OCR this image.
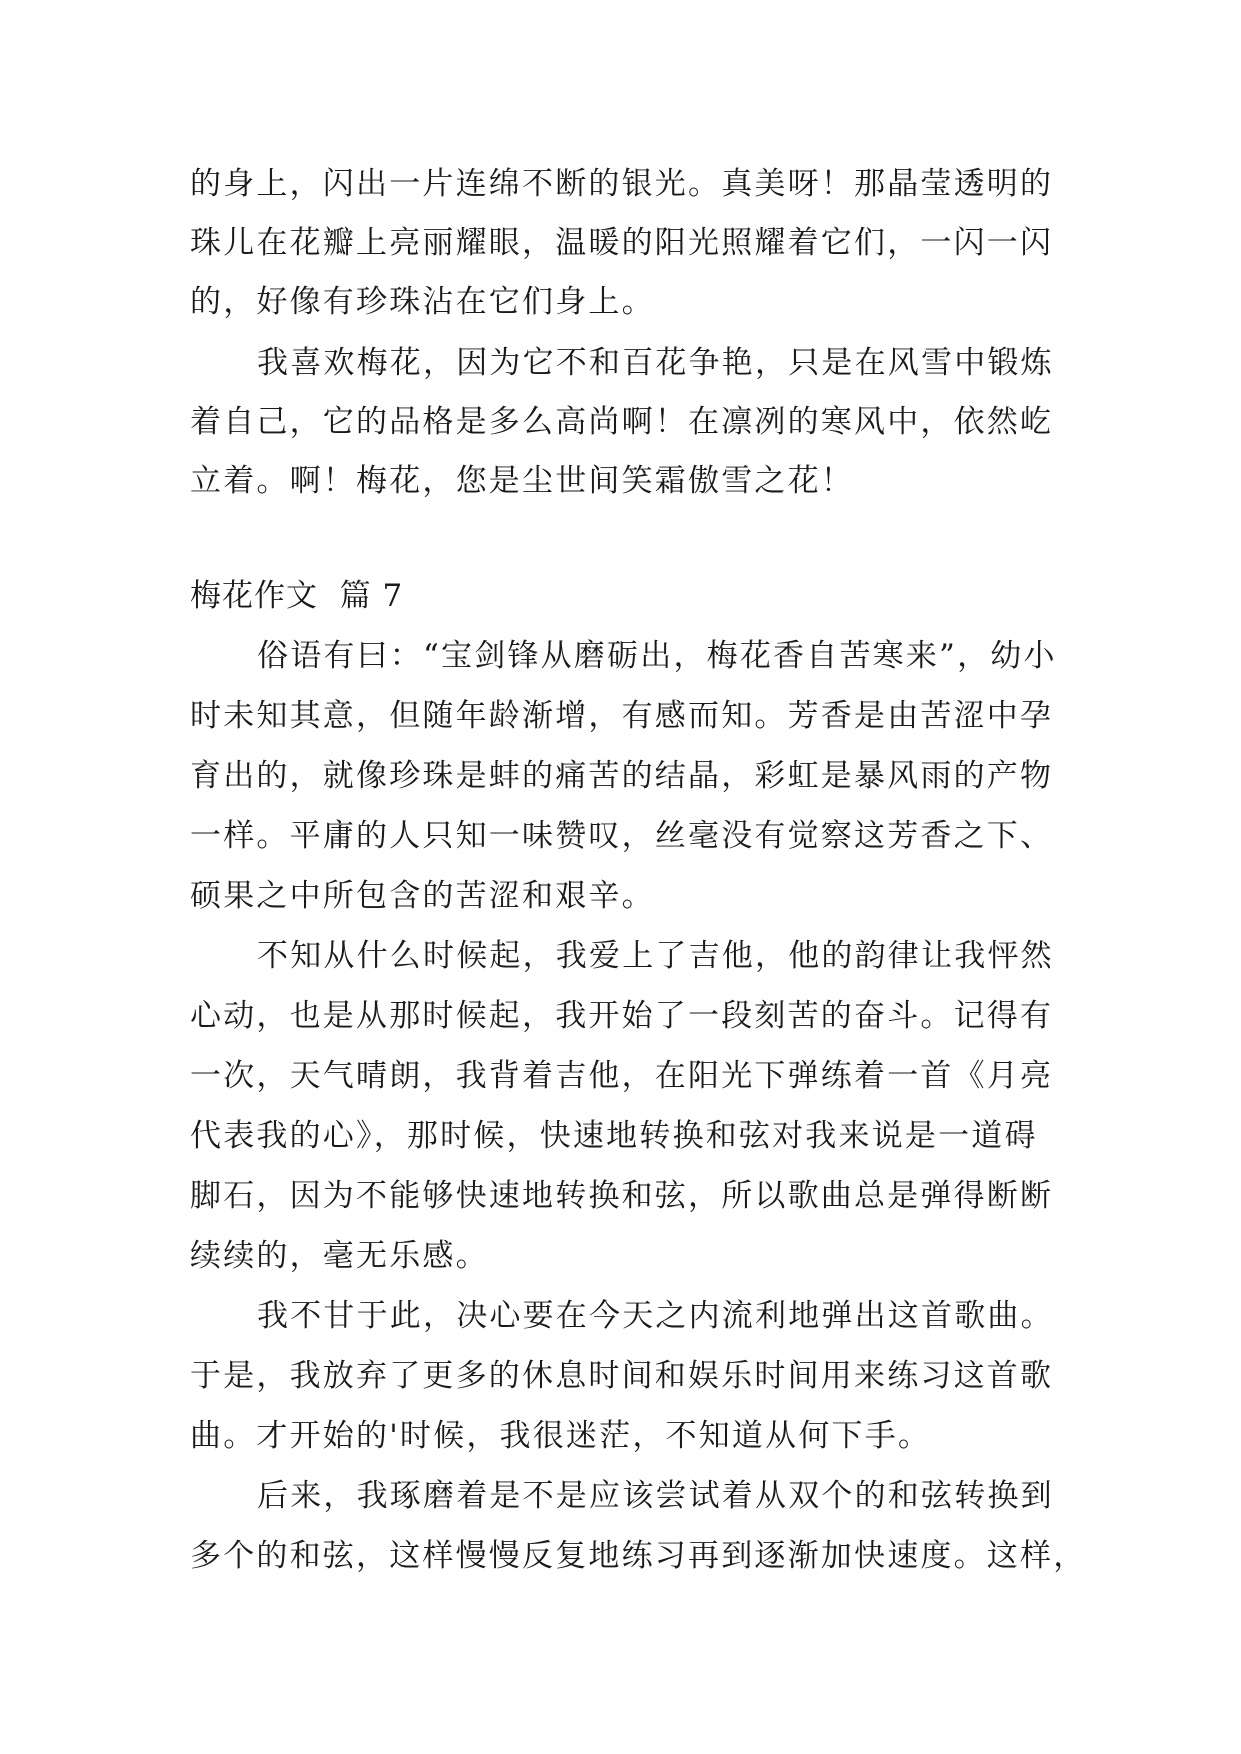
的身上，闪出一片连绵不断的银光。真美呀！那晶莹透明的
珠儿在花瓣上亮丽耀眼，温暖的阳光照耀着它们，一闪一闪
的，好像有珍珠沾在它们身上。
我喜欢梅花，因为它不和百花争艳，只是在风雪中锻炼
着自己，它的品格是多么高尚啊！在凛冽的寒风中，依然屹
立着。啊！梅花，您是尘世间笑霜傲雪之花！
梅花作文  篇 7
俗语有曰：“宝剑锋从磨砺出，梅花香自苦寒来”，幼小
时未知其意，但随年龄渐增，有感而知。芳香是由苦涩中孕
育出的，就像珍珠是蚌的痛苦的结晶，彩虹是暴风雨的产物
一样。平庸的人只知一味赞叹，丝毫没有觉察这芳香之下、
硕果之中所包含的苦涩和艰辛。
不知从什么时候起，我爱上了吉他，他的韵律让我怦然
心动，也是从那时候起，我开始了一段刻苦的奋斗。记得有
一次，天气晴朗，我背着吉他，在阳光下弹练着一首《月亮
代表我的心》，那时候，快速地转换和弦对我来说是一道碍
脚石，因为不能够快速地转换和弦，所以歌曲总是弹得断断
续续的，毫无乐感。
我不甘于此，决心要在今天之内流利地弹出这首歌曲。
于是，我放弃了更多的休息时间和娱乐时间用来练习这首歌
曲。才开始的'时候，我很迷茫，不知道从何下手。
后来，我琢磨着是不是应该尝试着从双个的和弦转换到
多个的和弦，这样慢慢反复地练习再到逐渐加快速度。这样，
